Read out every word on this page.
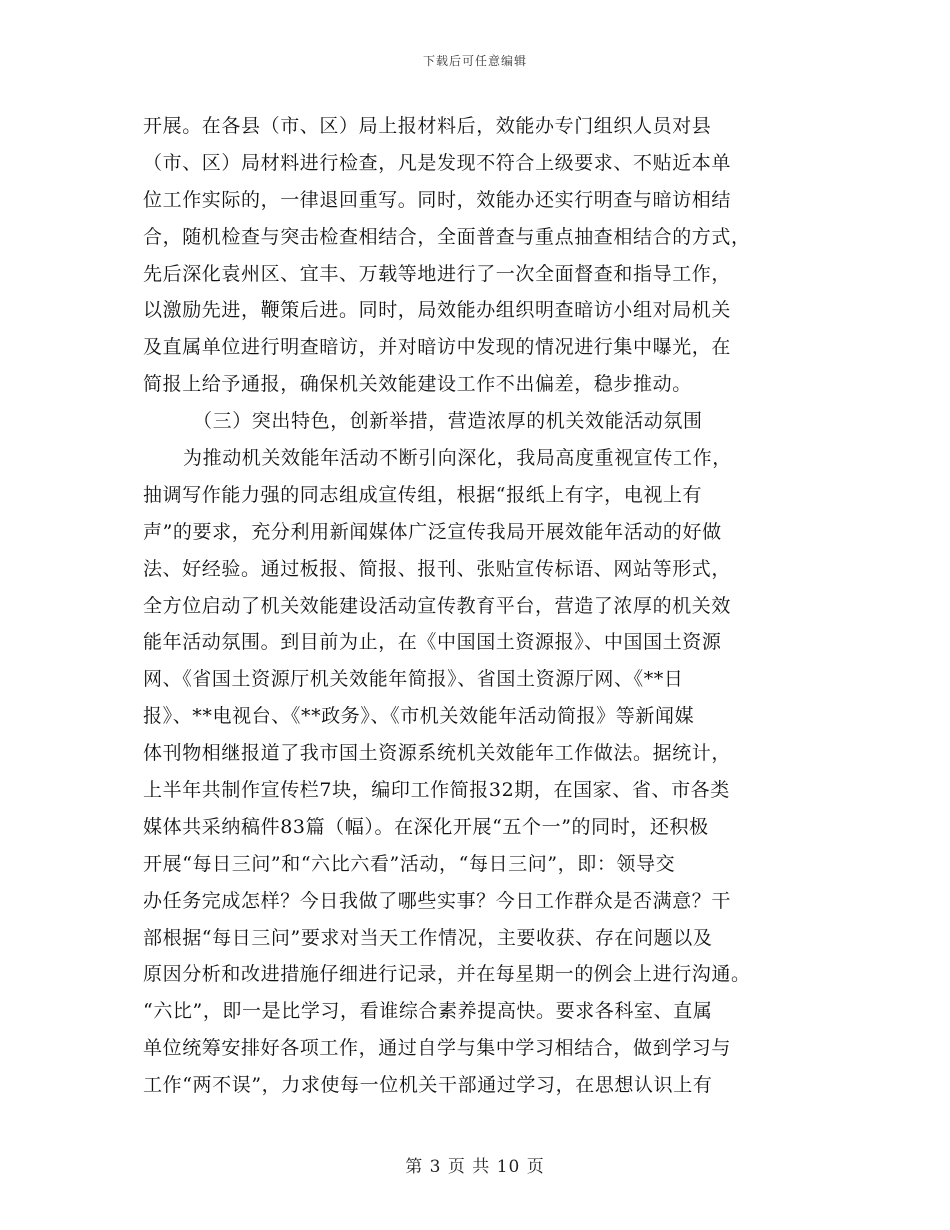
下载后可任意编辑
开展。在各县（市、区）局上报材料后，效能办专门组织人员对县
（市、区）局材料进行检查，凡是发现不符合上级要求、不贴近本单
位工作实际的，一律退回重写。同时，效能办还实行明查与暗访相结
合，随机检查与突击检查相结合，全面普查与重点抽查相结合的方式，
先后深化袁州区、宜丰、万载等地进行了一次全面督查和指导工作，
以激励先进，鞭策后进。同时，局效能办组织明查暗访小组对局机关
及直属单位进行明查暗访，并对暗访中发现的情况进行集中曝光，在
简报上给予通报，确保机关效能建设工作不出偏差，稳步推动。
（三）突出特色，创新举措，营造浓厚的机关效能活动氛围
为推动机关效能年活动不断引向深化，我局高度重视宣传工作，
抽调写作能力强的同志组成宣传组，根据“报纸上有字，电视上有
声”的要求，充分利用新闻媒体广泛宣传我局开展效能年活动的好做
法、好经验。通过板报、简报、报刊、张贴宣传标语、网站等形式，
全方位启动了机关效能建设活动宣传教育平台，营造了浓厚的机关效
能年活动氛围。到目前为止，在《中国国土资源报》、中国国土资源
网、《省国土资源厅机关效能年简报》、省国土资源厅网、《**日
报》、**电视台、《**政务》、《市机关效能年活动简报》等新闻媒
体刊物相继报道了我市国土资源系统机关效能年工作做法。据统计，
上半年共制作宣传栏7块，编印工作简报32期，在国家、省、市各类
媒体共采纳稿件83篇（幅）。在深化开展“五个一”的同时，还积极
开展“每日三问”和“六比六看”活动，“每日三问”，即：领导交
办任务完成怎样？今日我做了哪些实事？今日工作群众是否满意？干
部根据“每日三问”要求对当天工作情况，主要收获、存在问题以及
原因分析和改进措施仔细进行记录，并在每星期一的例会上进行沟通。
“六比”，即一是比学习，看谁综合素养提高快。要求各科室、直属
单位统筹安排好各项工作，通过自学与集中学习相结合，做到学习与
工作“两不误”，力求使每一位机关干部通过学习，在思想认识上有
第 3 页 共 10 页
